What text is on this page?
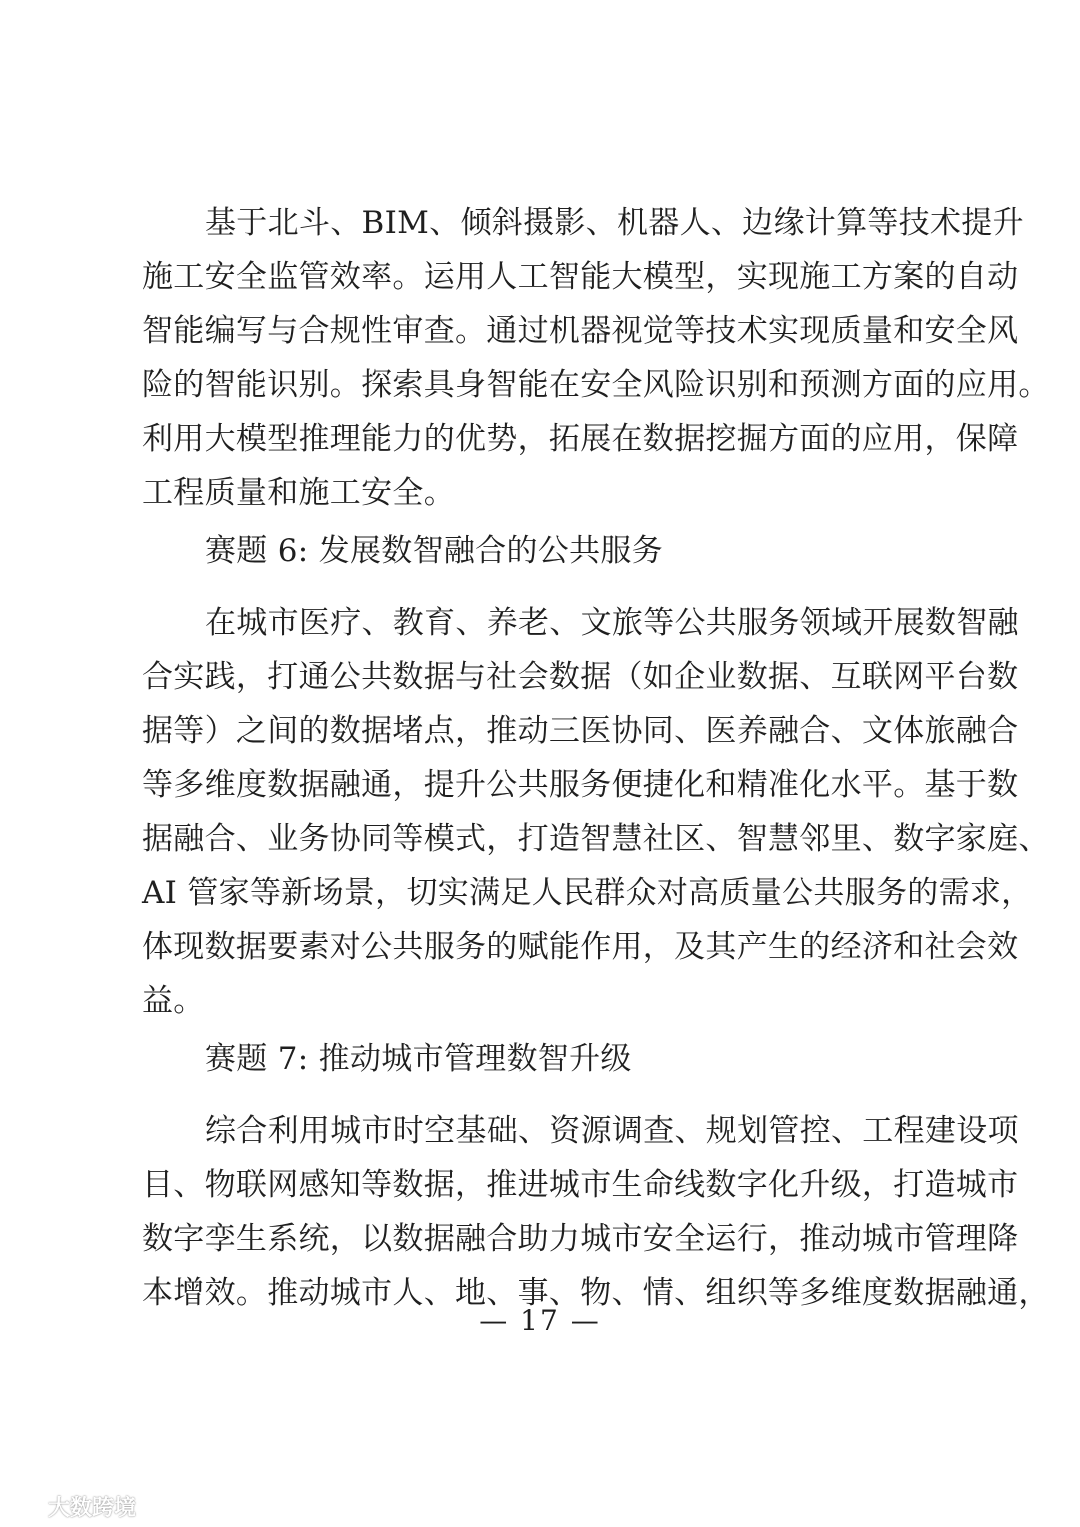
基于北斗、BIM、倾斜摄影、机器人、边缘计算等技术提升

施工安全监管效率。运用人工智能大模型，实现施工方案的自动

智能编写与合规性审查。通过机器视觉等技术实现质量和安全风

险的智能识别。探索具身智能在安全风险识别和预测方面的应用。

利用大模型推理能力的优势，拓展在数据挖掘方面的应用，保障

工程质量和施工安全。

赛题 6: 发展数智融合的公共服务

在城市医疗、教育、养老、文旅等公共服务领域开展数智融

合实践，打通公共数据与社会数据（如企业数据、互联网平台数

据等）之间的数据堵点，推动三医协同、医养融合、文体旅融合

等多维度数据融通，提升公共服务便捷化和精准化水平。基于数

据融合、业务协同等模式，打造智慧社区、智慧邻里、数字家庭、

AI 管家等新场景，切实满足人民群众对高质量公共服务的需求，

体现数据要素对公共服务的赋能作用，及其产生的经济和社会效

益。

赛题 7: 推动城市管理数智升级

综合利用城市时空基础、资源调查、规划管控、工程建设项

目、物联网感知等数据，推进城市生命线数字化升级，打造城市

数字孪生系统，以数据融合助力城市安全运行，推动城市管理降

本增效。推动城市人、地、事、物、情、组织等多维度数据融通，

— 17 —

大数跨境
